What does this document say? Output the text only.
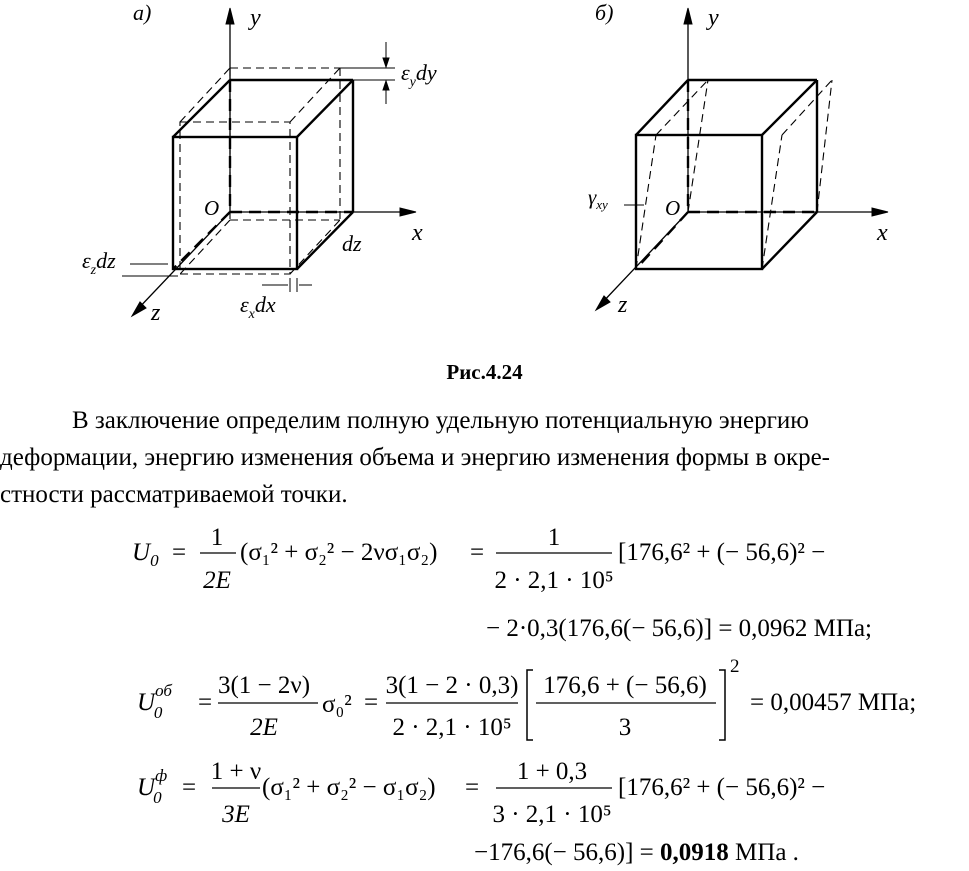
a)	y
x
z
O
$\varepsilon_ydy$
$\varepsilon_zdz$
dz
$\varepsilon_xdx$
б)	y
x
z
O
$\gamma_{xy}$
Рис.4.24
В заключение определим полную удельную потенциальную энергию
деформации, энергию изменения объема и энергию изменения формы в окре-
стности рассматриваемой точки.
$U_0$ =
1
2E
(σ₁² + σ₂² − 2νσ₁σ₂) =
1
2 · 2,1 · 10⁵
[176,6² + (− 56,6)² −
− 2·0,3(176,6(− 56,6)] = 0,0962 МПа;
$U^{об}$ 0	=
3(1 − 2ν)
2E
σ₀² =
3(1 − 2 · 0,3)
2 · 2,1 · 10⁵
176,6 + (− 56,6)
3
2
= 0,00457 МПа;
$U^ф$ 0 =
1 + ν
3E
(σ₁² + σ₂² − σ₁σ₂) =
1 + 0,3
3 · 2,1 · 10⁵
[176,6² + (− 56,6)² −
−176,6(− 56,6)] = 0,0918 МПа .
